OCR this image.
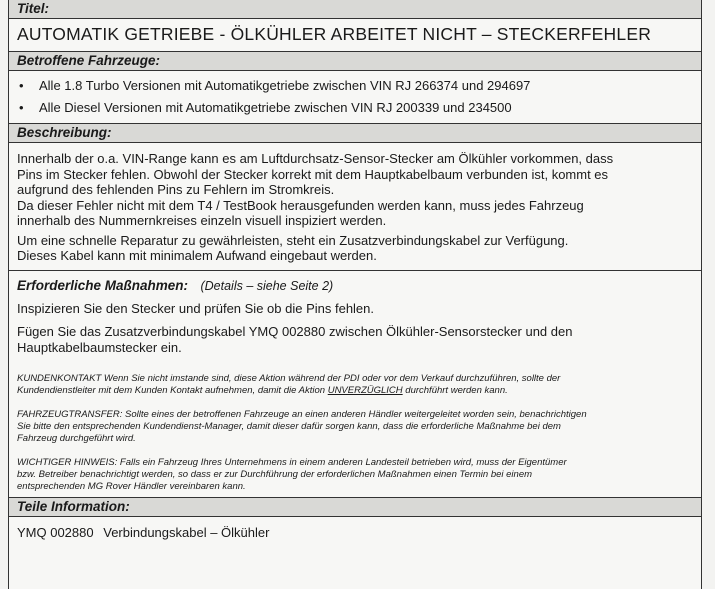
Titel:
AUTOMATIK GETRIEBE - ÖLKÜHLER ARBEITET NICHT – STECKERFEHLER
Betroffene Fahrzeuge:
• Alle 1.8 Turbo Versionen mit Automatikgetriebe zwischen VIN RJ 266374 und 294697
• Alle Diesel Versionen mit Automatikgetriebe zwischen VIN RJ 200339 und 234500
Beschreibung:

Innerhalb der o.a. VIN-Range kann es am Luftdurchsatz-Sensor-Stecker am Ölkühler vorkommen, dass

Pins im Stecker fehlen. Obwohl der Stecker korrekt mit dem Hauptkabelbaum verbunden ist, kommt es

aufgrund des fehlenden Pins zu Fehlern im Stromkreis.

Da dieser Fehler nicht mit dem T4 / TestBook herausgefunden werden kann, muss jedes Fahrzeug

innerhalb des Nummernkreises einzeln visuell inspiziert werden.

Um eine schnelle Reparatur zu gewährleisten, steht ein Zusatzverbindungskabel zur Verfügung.

Dieses Kabel kann mit minimalem Aufwand eingebaut werden.

Erforderliche Maßnahmen: (Details – siehe Seite 2)

Inspizieren Sie den Stecker und prüfen Sie ob die Pins fehlen.

Fügen Sie das Zusatzverbindungskabel YMQ 002880 zwischen Ölkühler-Sensorstecker und den

Hauptkabelbaumstecker ein.

KUNDENKONTAKT Wenn Sie nicht imstande sind, diese Aktion während der PDI oder vor dem Verkauf durchzuführen, sollte der

Kundendienstleiter mit dem Kunden Kontakt aufnehmen, damit die Aktion UNVERZÜGLICH durchführt werden kann.

FAHRZEUGTRANSFER: Sollte eines der betroffenen Fahrzeuge an einen anderen Händler weitergeleitet worden sein, benachrichtigen

Sie bitte den entsprechenden Kundendienst-Manager, damit dieser dafür sorgen kann, dass die erforderliche Maßnahme bei dem

Fahrzeug durchgeführt wird.

WICHTIGER HINWEIS: Falls ein Fahrzeug Ihres Unternehmens in einem anderen Landesteil betrieben wird, muss der Eigentümer

bzw. Betreiber benachrichtigt werden, so dass er zur Durchführung der erforderlichen Maßnahmen einen Termin bei einem

entsprechenden MG Rover Händler vereinbaren kann.

Teile Information:
YMQ 002880 Verbindungskabel – Ölkühler
